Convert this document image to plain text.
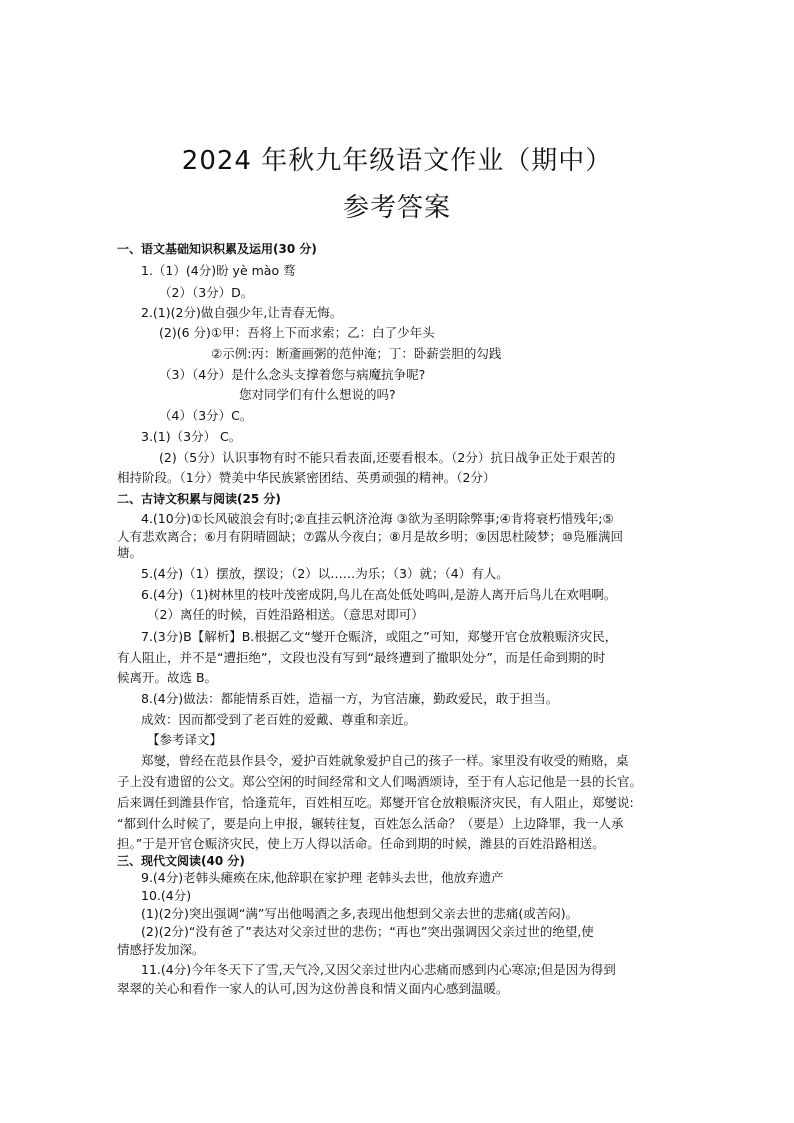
2024 年秋九年级语文作业（期中）
参考答案
一、语文基础知识积累及运用(30 分)
1.（1）(4分)盼 yè mào 骛
（2）（3分）D。
2.(1)(2分)做自强少年,让青春无悔。
(2)(6 分)①甲：吾将上下而求索；乙：白了少年头
②示例:丙：断齑画粥的范仲淹；丁：卧薪尝胆的勾践
（3）（4分）是什么念头支撑着您与病魔抗争呢?
您对同学们有什么想说的吗?
（4）（3分）C。
3.(1)（3分） C。
(2)（5分）认识事物有时不能只看表面,还要看根本。（2分）抗日战争正处于艰苦的
相持阶段。（1分）赞美中华民族紧密团结、英勇顽强的精神。（2分）
二、古诗文积累与阅读(25 分)
4.(10分)①长风破浪会有时;②直挂云帆济沧海 ③欲为圣明除弊事;④肯将衰朽惜残年;⑤
人有悲欢离合；⑥月有阴晴圆缺；⑦露从今夜白；⑧月是故乡明；⑨因思杜陵梦；⑩凫雁满回
塘。
5.(4分)（1）摆放，摆设；（2）以……为乐；（3）就；（4）有人。
6.(4分)（1)树林里的枝叶茂密成阴,鸟儿在高处低处鸣叫,是游人离开后鸟儿在欢唱啊。
（2）离任的时候，百姓沿路相送。（意思对即可）
7.(3分)B【解析】B.根据乙文“燮开仓赈济，或阻之”可知，郑燮开官仓放粮赈济灾民，
有人阻止，并不是“遭拒绝”，文段也没有写到“最终遭到了撤职处分”，而是任命到期的时
候离开。故选 B。
8.(4分)做法：都能情系百姓，造福一方，为官洁廉，勤政爱民，敢于担当。
成效：因而都受到了老百姓的爱戴、尊重和亲近。
【参考译文】
郑燮，曾经在范县作县令，爱护百姓就象爱护自己的孩子一样。家里没有收受的贿赂，桌
子上没有遗留的公文。郑公空闲的时间经常和文人们喝酒颂诗，至于有人忘记他是一县的长官。
后来调任到潍县作官，恰逢荒年，百姓相互吃。郑燮开官仓放粮赈济灾民，有人阻止，郑燮说:
“都到什么时候了，要是向上申报，辗转往复，百姓怎么活命？（要是）上边降罪，我一人承
担。”于是开官仓赈济灾民，使上万人得以活命。任命到期的时候，潍县的百姓沿路相送。
三、现代文阅读(40 分)
9.(4分)老韩头瘫痪在床,他辞职在家护理 老韩头去世，他放弃遗产
10.(4分)
(1)(2分)突出强调“满”写出他喝酒之多,表现出他想到父亲去世的悲痛(或苦闷)。
(2)(2分)“没有爸了”表达对父亲过世的悲伤；“再也”突出强调因父亲过世的绝望,使
情感抒发加深。
11.(4分)今年冬天下了雪,天气冷,又因父亲过世内心悲痛而感到内心寒凉;但是因为得到
翠翠的关心和看作一家人的认可,因为这份善良和情义面内心感到温暖。
